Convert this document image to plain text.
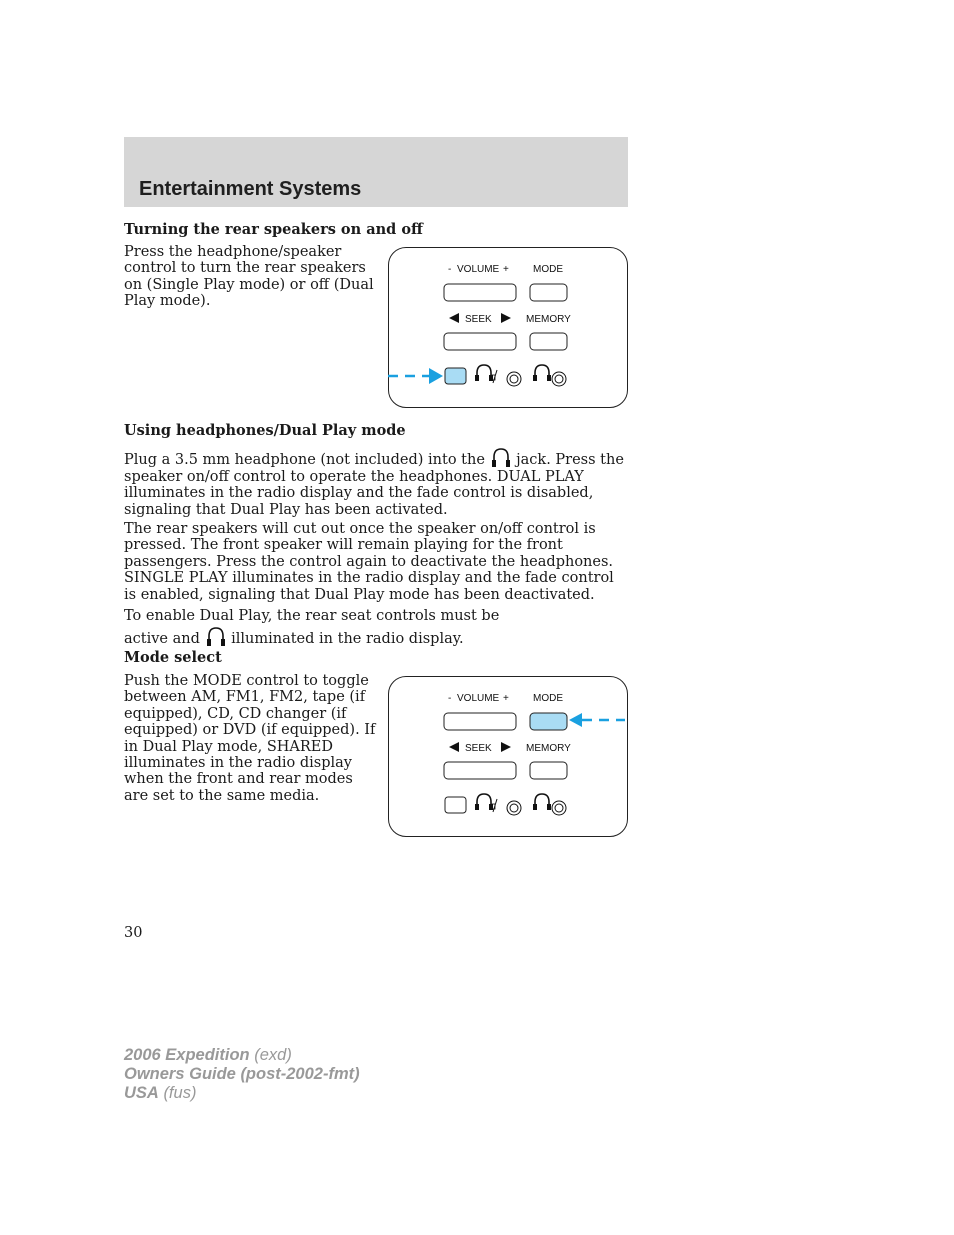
Entertainment Systems
Turning the rear speakers on and off

Press the headphone/speaker control to turn the rear speakers on (Single Play mode) or off (Dual Play mode).

- VOLUME + MODE
SEEK	MEMORY
Using headphones/Dual Play mode

Plug a 3.5 mm headphone (not included) into the jack. Press the speaker on/off control to operate the headphones. DUAL PLAY illuminates in the radio display and the fade control is disabled, signaling that Dual Play has been activated.

The rear speakers will cut out once the speaker on/off control is pressed. The front speaker will remain playing for the front passengers. Press the control again to deactivate the headphones. SINGLE PLAY illuminates in the radio display and the fade control is enabled, signaling that Dual Play mode has been deactivated.

To enable Dual Play, the rear seat controls must be active and illuminated in the radio display.

Mode select

Push the MODE control to toggle between AM, FM1, FM2, tape (if equipped), CD, CD changer (if equipped) or DVD (if equipped). If in Dual Play mode, SHARED illuminates in the radio display when the front and rear modes are set to the same media.

- VOLUME + MODE
SEEK	MEMORY

30

2006 Expedition (exd)
Owners Guide (post-2002-fmt)
USA (fus)
